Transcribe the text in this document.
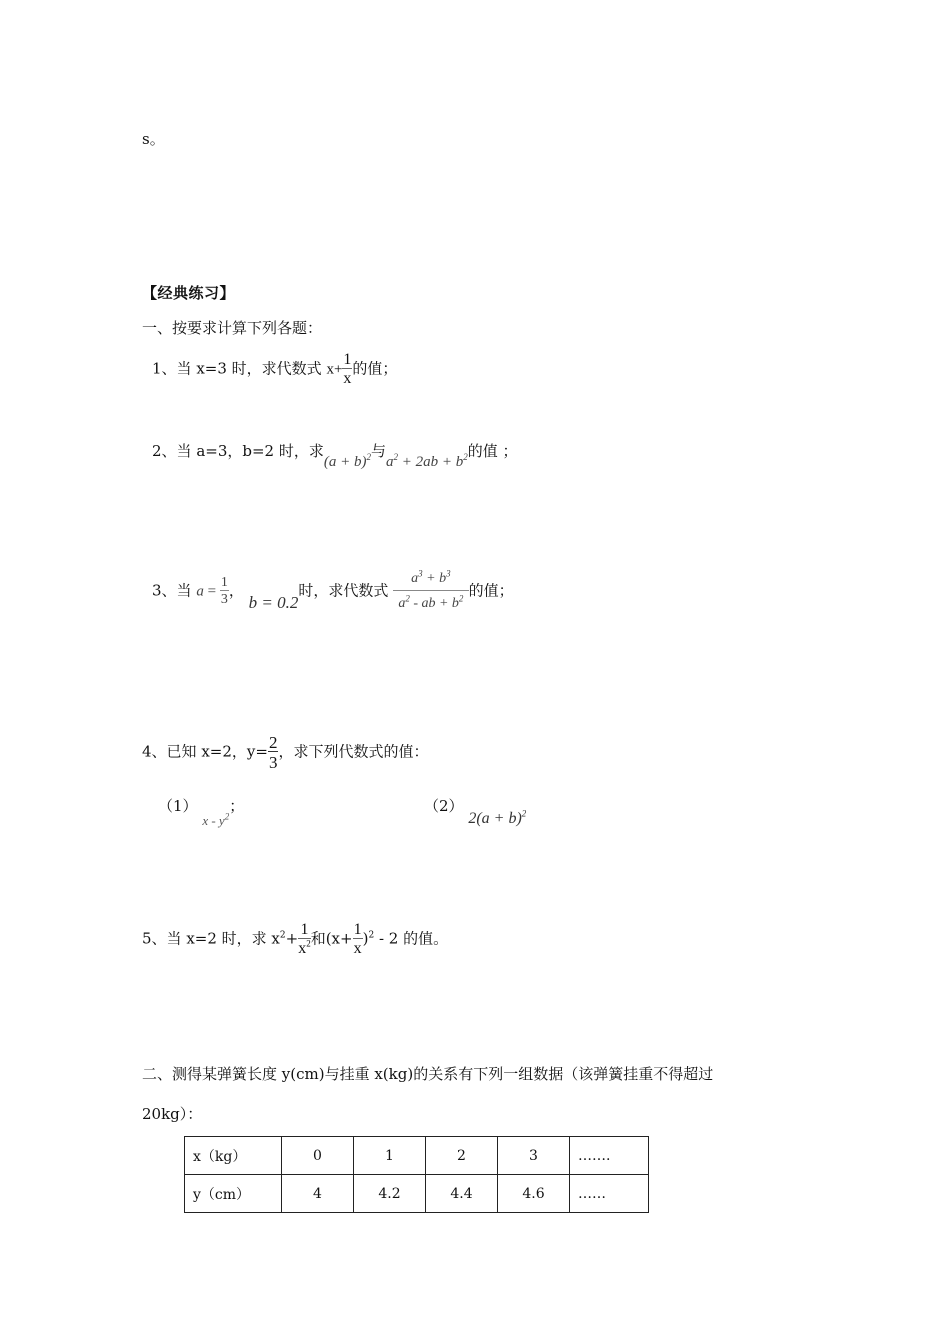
s。
【经典练习】
一、按要求计算下列各题：
1、当 x=3 时，求代数式 $x+ \frac{1}{x}$ 的值；
2、当 a=3，b=2 时，求$(a + b)^2$与$a^2 + 2ab + b^2$的值 ；
3、当 $a = \frac{1}{3}$ ， b = 0.2时，求代数式 $\frac{a^3 + b^3}{a^2 - ab + b^2}$ 的值；
4、已知 x=2，$y= \frac{2}{3}$ ，求下列代数式的值：
（1） x - $y^2$；	（2） $2(a + b)^2$
5、当 x=2 时，求 $x^2+ \frac{1}{x^2}$ 和$(x+ \frac{1}{x} )^2 - 2$ 的值。
二、测得某弹簧长度 y(cm)与挂重 x(kg)的关系有下列一组数据（该弹簧挂重不得超过
20kg）：
x（kg）	0	1	2	3	…….
y（cm）	4	4.2	4.4	4.6	……
